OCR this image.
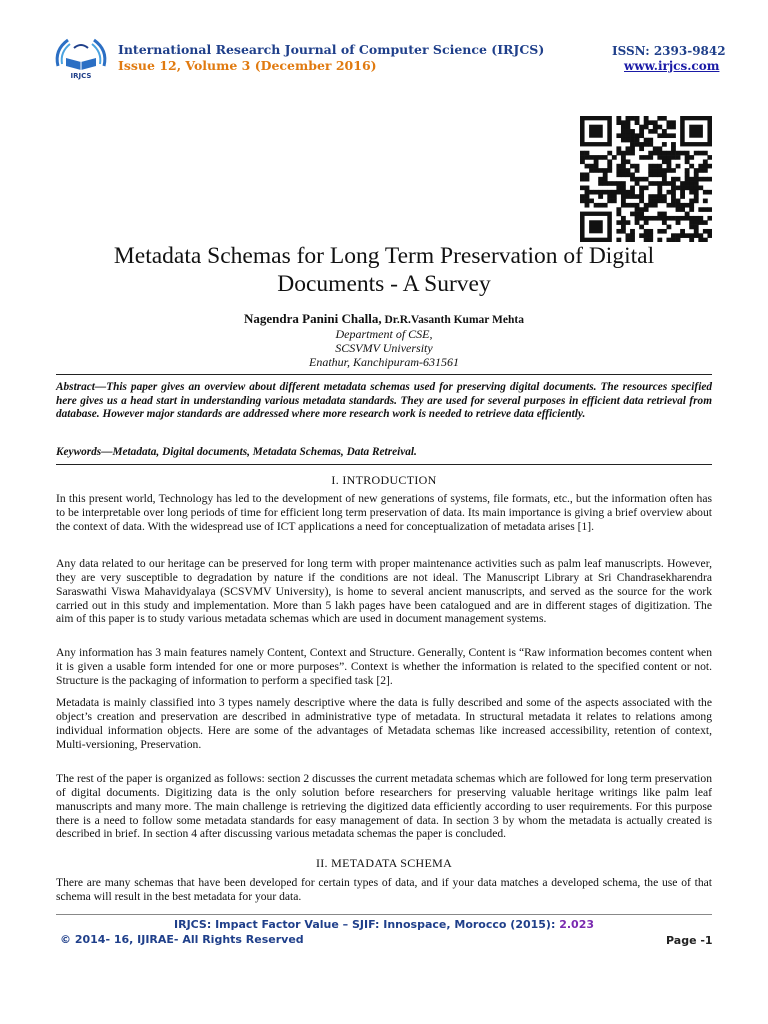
IRJCS
International Research Journal of Computer Science (IRJCS)
Issue 12, Volume 3 (December 2016)
ISSN: 2393-9842
www.irjcs.com
Metadata Schemas for Long Term Preservation of Digital
Documents - A Survey
Nagendra Panini Challa, Dr.R.Vasanth Kumar Mehta
Department of CSE,
SCSVMV University
Enathur, Kanchipuram-631561
Abstract—This paper gives an overview about different metadata schemas used for preserving digital documents. The resources specified here gives us a head start in understanding various metadata standards. They are used for several purposes in efficient data retrieval from database. However major standards are addressed where more research work is needed to retrieve data efficiently.
Keywords—Metadata, Digital documents, Metadata Schemas, Data Retreival.
I. INTRODUCTION
In this present world, Technology has led to the development of new generations of systems, file formats, etc., but the information often has to be interpretable over long periods of time for efficient long term preservation of data. Its main importance is giving a brief overview about the context of data. With the widespread use of ICT applications a need for conceptualization of metadata arises [1].
Any data related to our heritage can be preserved for long term with proper maintenance activities such as palm leaf manuscripts. However, they are very susceptible to degradation by nature if the conditions are not ideal. The Manuscript Library at Sri Chandrasekharendra Saraswathi Viswa Mahavidyalaya (SCSVMV University), is home to several ancient manuscripts, and served as the source for the work carried out in this study and implementation. More than 5 lakh pages have been catalogued and are in different stages of digitization. The aim of this paper is to study various metadata schemas which are used in document management systems.
Any information has 3 main features namely Content, Context and Structure. Generally, Content is “Raw information becomes content when it is given a usable form intended for one or more purposes”. Context is whether the information is related to the specified content or not. Structure is the packaging of information to perform a specified task [2].
Metadata is mainly classified into 3 types namely descriptive where the data is fully described and some of the aspects associated with the object’s creation and preservation are described in administrative type of metadata. In structural metadata it relates to relations among individual information objects. Here are some of the advantages of Metadata schemas like increased accessibility, retention of context, Multi-versioning, Preservation.
The rest of the paper is organized as follows: section 2 discusses the current metadata schemas which are followed for long term preservation of digital documents. Digitizing data is the only solution before researchers for preserving valuable heritage writings like palm leaf manuscripts and many more. The main challenge is retrieving the digitized data efficiently according to user requirements. For this purpose there is a need to follow some metadata standards for easy management of data. In section 3 by whom the metadata is actually created is described in brief. In section 4 after discussing various metadata schemas the paper is concluded.
II. METADATA SCHEMA
There are many schemas that have been developed for certain types of data, and if your data matches a developed schema, the use of that schema will result in the best metadata for your data.
IRJCS: Impact Factor Value – SJIF: Innospace, Morocco (2015): 2.023
© 2014- 16, IJIRAE- All Rights Reserved	Page -1
